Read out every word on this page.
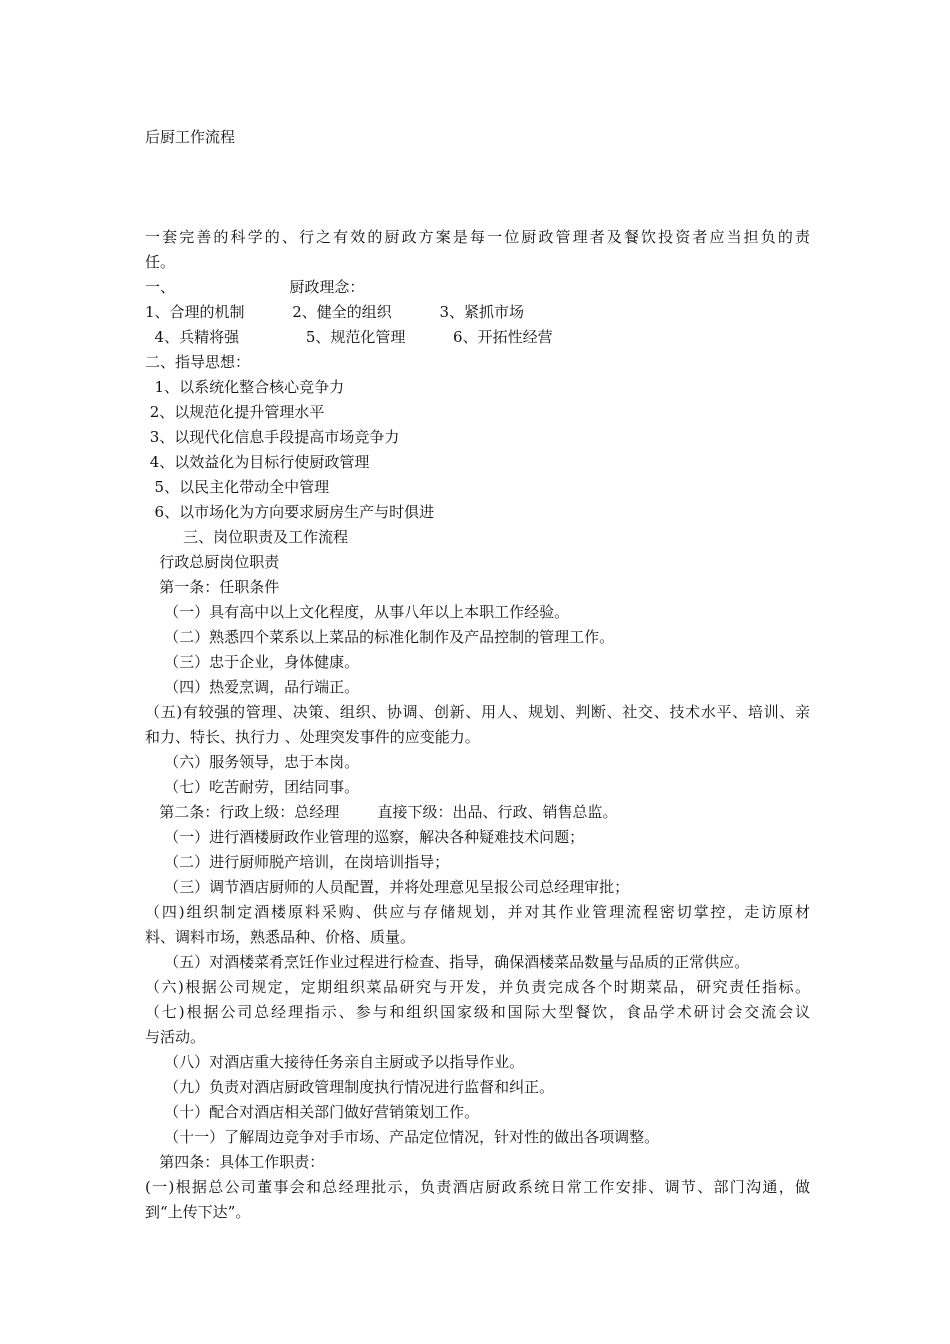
后厨工作流程
一套完善的科学的、行之有效的厨政方案是每一位厨政管理者及餐饮投资者应当担负的责
任。
一、                        厨政理念：
1、合理的机制          2、健全的组织          3、紧抓市场
4、兵精将强              5、规范化管理          6、开拓性经营
二、指导思想：
1、以系统化整合核心竞争力
2、以规范化提升管理水平
3、以现代化信息手段提高市场竞争力
4、以效益化为目标行使厨政管理
5、以民主化带动全中管理
6、以市场化为方向要求厨房生产与时俱进
三、岗位职责及工作流程
行政总厨岗位职责
第一条：任职条件
（一）具有高中以上文化程度，从事八年以上本职工作经验。
（二）熟悉四个菜系以上菜品的标准化制作及产品控制的管理工作。
（三）忠于企业，身体健康。
（四）热爱烹调，品行端正。
（五)有较强的管理、决策、组织、协调、创新、用人、规划、判断、社交、技术水平、培训、亲
和力、特长、执行力 、处理突发事件的应变能力。
（六）服务领导，忠于本岗。
（七）吃苦耐劳，团结同事。
第二条：行政上级：总经理        直接下级：出品、行政、销售总监。
（一）进行酒楼厨政作业管理的巡察，解决各种疑难技术问题；
（二）进行厨师脱产培训，在岗培训指导；
（三）调节酒店厨师的人员配置，并将处理意见呈报公司总经理审批；
（四)组织制定酒楼原料采购、供应与存储规划，并对其作业管理流程密切掌控，走访原材
料、调料市场，熟悉品种、价格、质量。
（五）对酒楼菜肴烹饪作业过程进行检查、指导，确保酒楼菜品数量与品质的正常供应。
（六)根据公司规定，定期组织菜品研究与开发，并负责完成各个时期菜品，研究责任指标。
（七)根据公司总经理指示、参与和组织国家级和国际大型餐饮，食品学术研讨会交流会议
与活动。
（八）对酒店重大接待任务亲自主厨或予以指导作业。
（九）负责对酒店厨政管理制度执行情况进行监督和纠正。
（十）配合对酒店相关部门做好营销策划工作。
（十一）了解周边竞争对手市场、产品定位情况，针对性的做出各项调整。
第四条：具体工作职责：
(一)根据总公司董事会和总经理批示，负责酒店厨政系统日常工作安排、调节、部门沟通，做
到“上传下达”。
